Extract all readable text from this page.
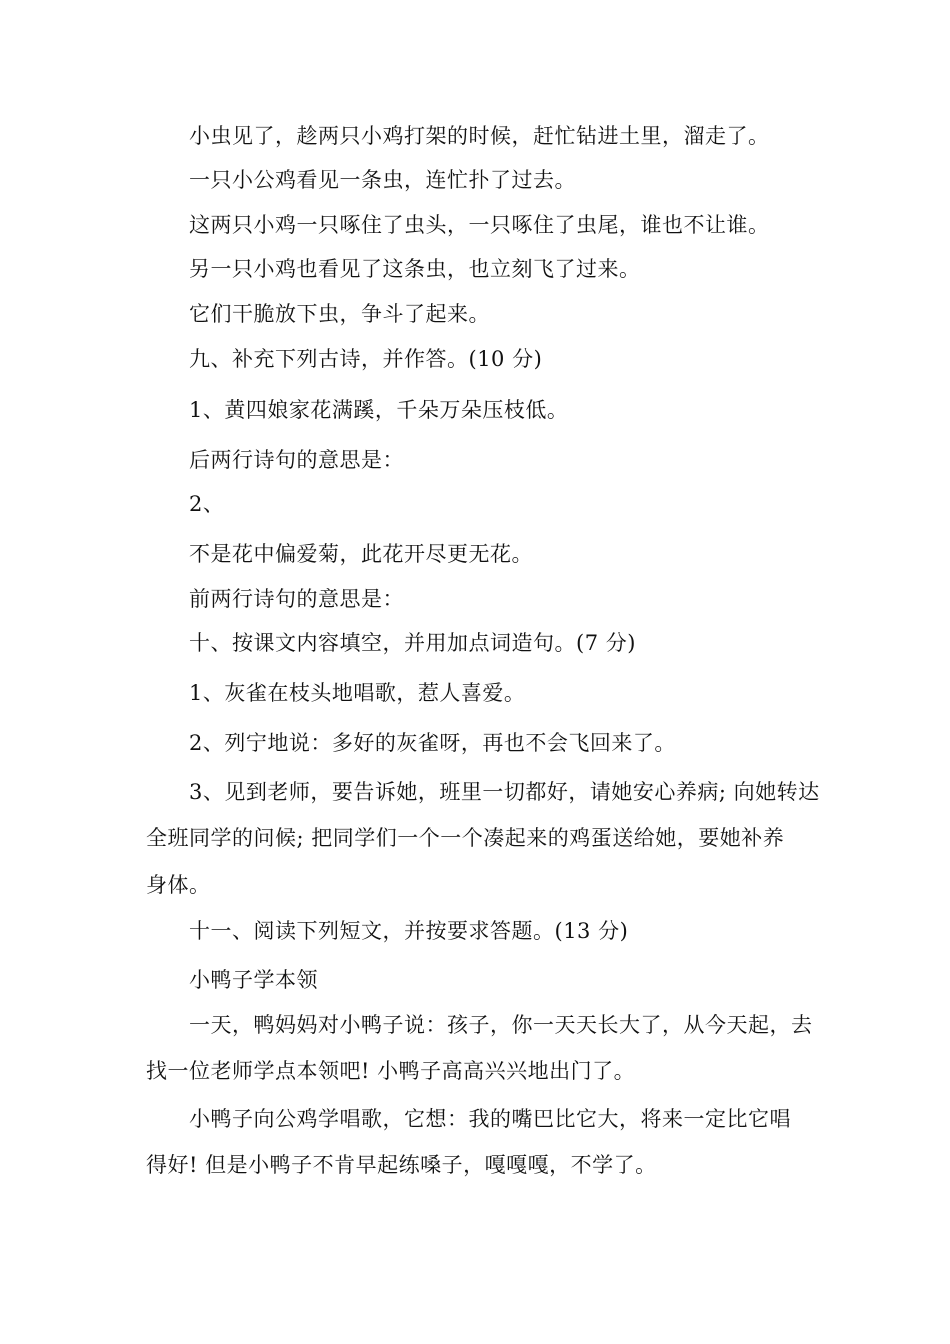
小虫见了，趁两只小鸡打架的时候，赶忙钻进土里，溜走了。
一只小公鸡看见一条虫，连忙扑了过去。
这两只小鸡一只啄住了虫头，一只啄住了虫尾，谁也不让谁。
另一只小鸡也看见了这条虫，也立刻飞了过来。
它们干脆放下虫，争斗了起来。
九、补充下列古诗，并作答。(10 分)
1、黄四娘家花满蹊，千朵万朵压枝低。
后两行诗句的意思是：
2、
不是花中偏爱菊，此花开尽更无花。
前两行诗句的意思是：
十、按课文内容填空，并用加点词造句。(7 分)
1、灰雀在枝头地唱歌，惹人喜爱。
2、列宁地说：多好的灰雀呀，再也不会飞回来了。
3、见到老师，要告诉她，班里一切都好，请她安心养病; 向她转达
全班同学的问候; 把同学们一个一个凑起来的鸡蛋送给她，要她补养
身体。
十一、阅读下列短文，并按要求答题。(13 分)
小鸭子学本领
一天，鸭妈妈对小鸭子说：孩子，你一天天长大了，从今天起，去
找一位老师学点本领吧! 小鸭子高高兴兴地出门了。
小鸭子向公鸡学唱歌，它想：我的嘴巴比它大，将来一定比它唱
得好! 但是小鸭子不肯早起练嗓子，嘎嘎嘎，不学了。
